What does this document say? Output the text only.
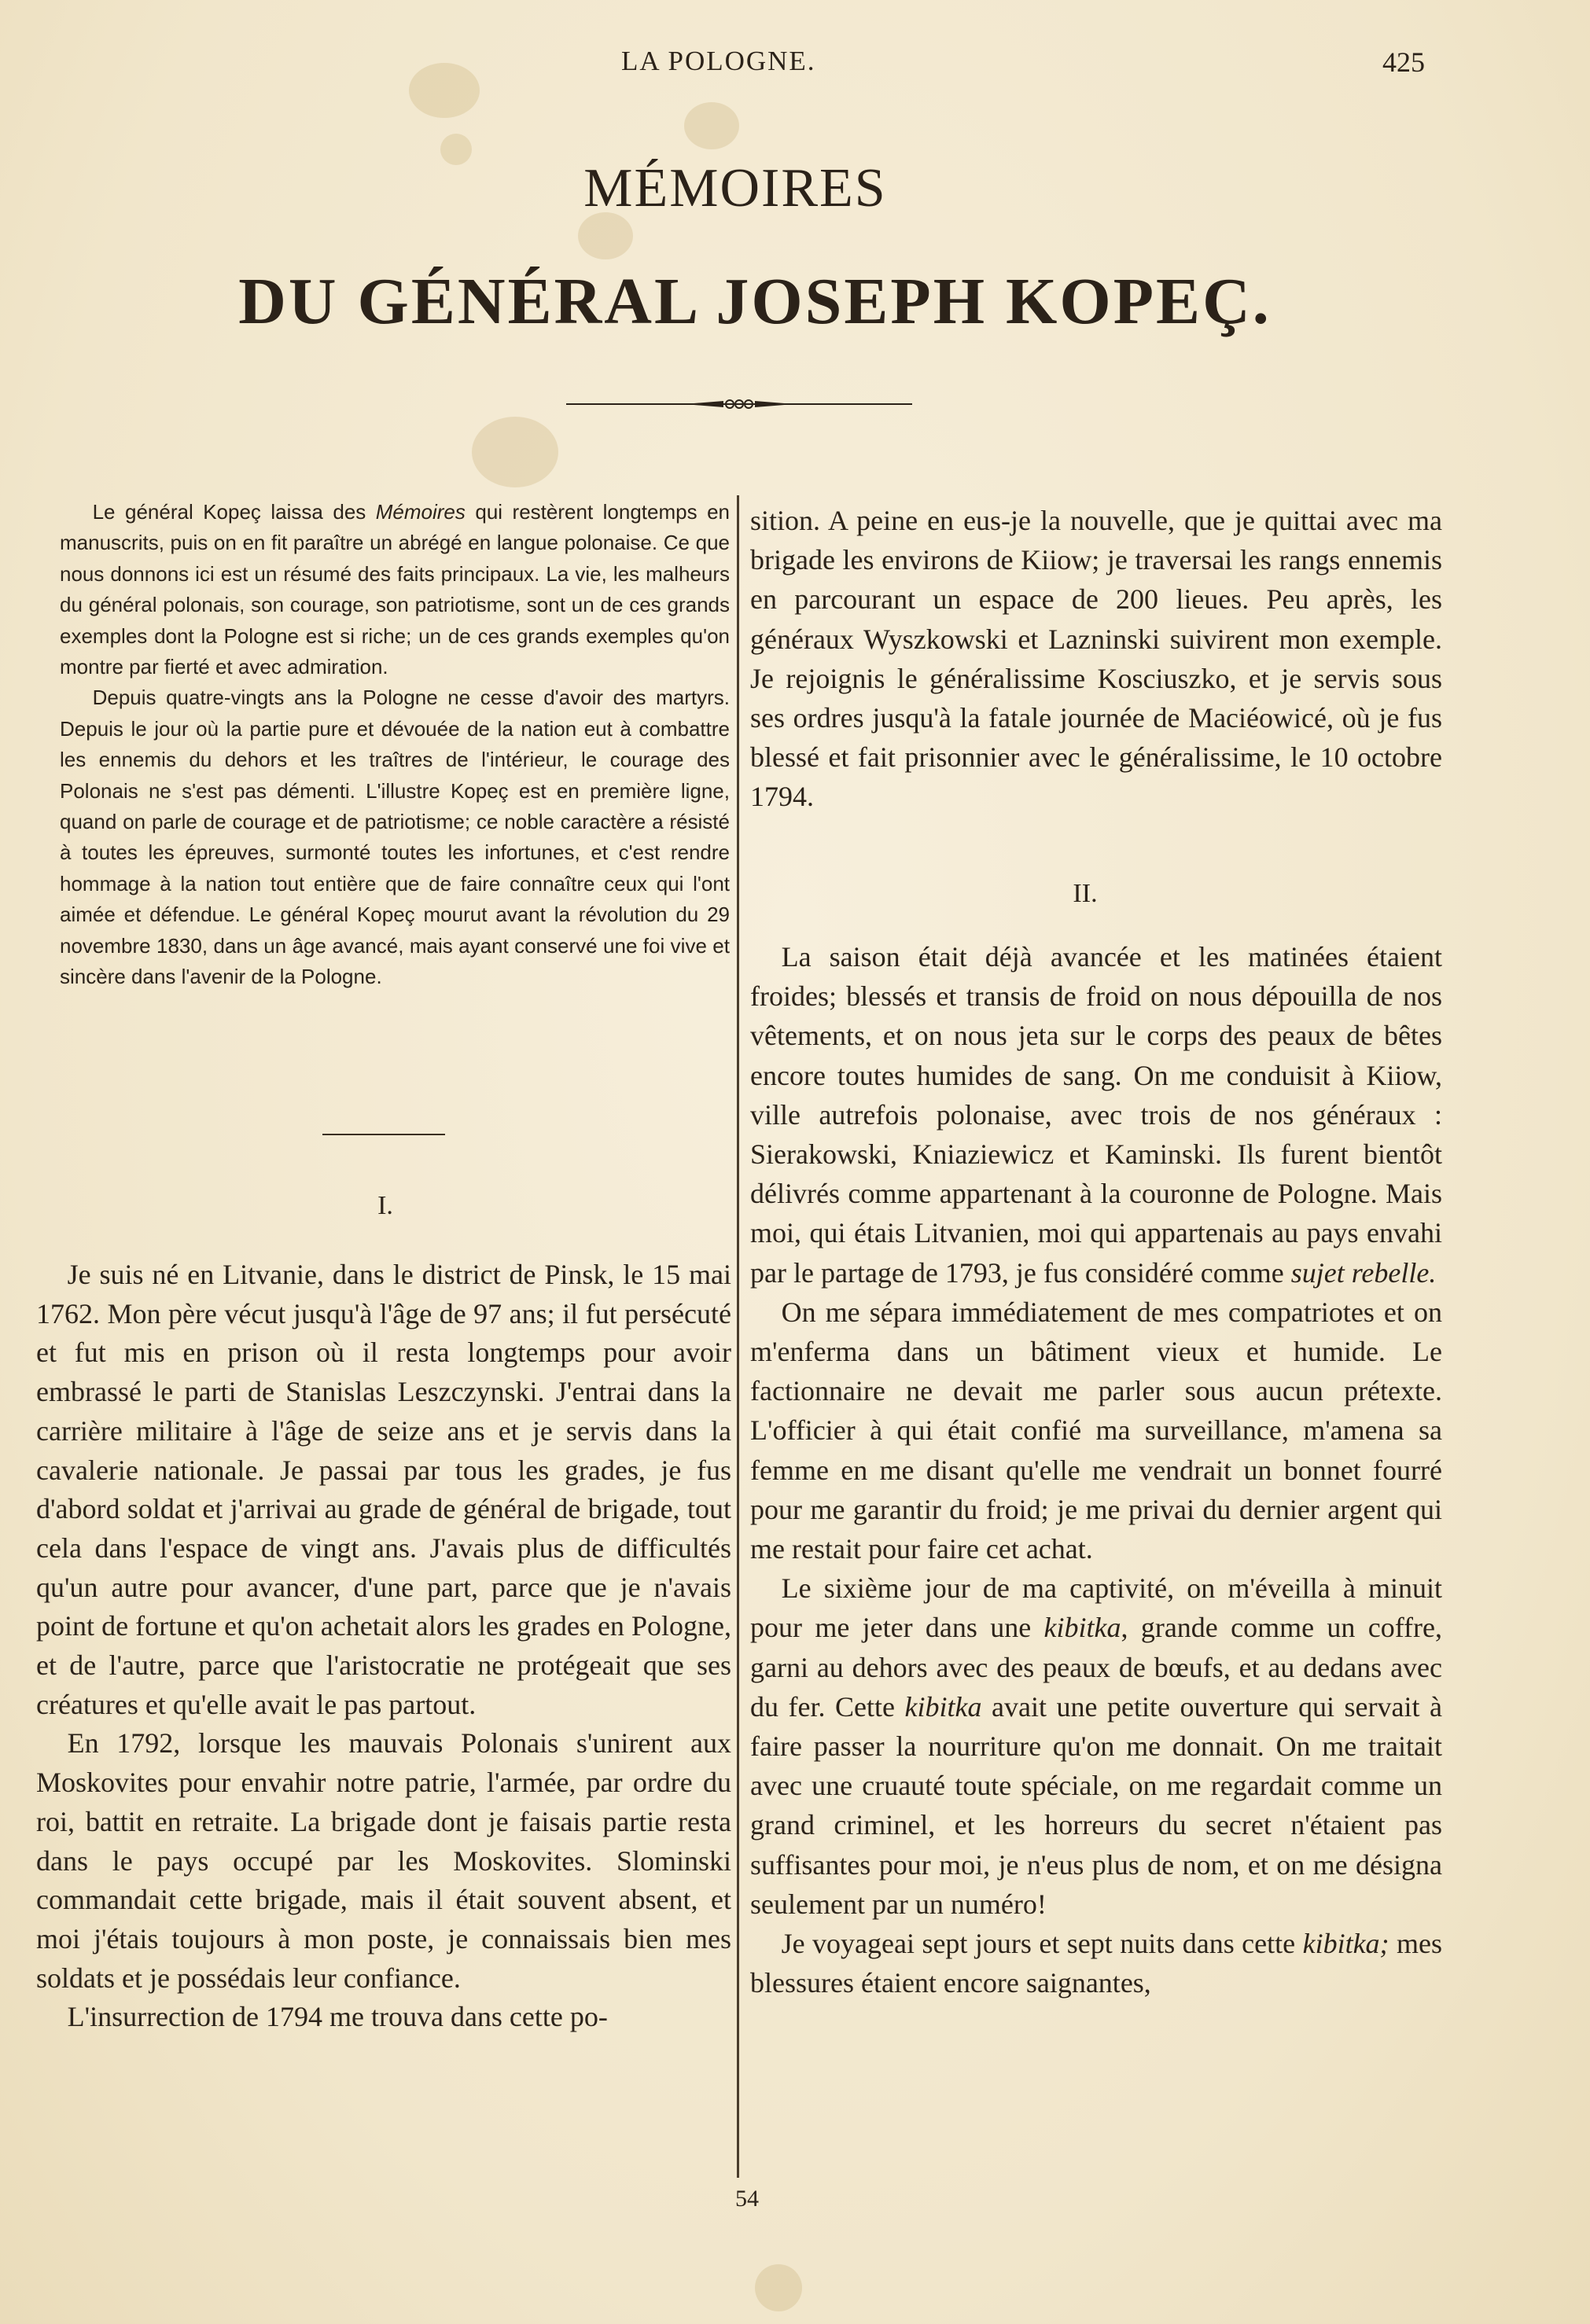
LA POLOGNE.	425
MÉMOIRES
DU GÉNÉRAL JOSEPH KOPEÇ.

Le général Kopeç laissa des Mémoires qui restèrent longtemps en manuscrits, puis on en fit paraître un abrégé en langue polonaise. Ce que nous donnons ici est un résumé des faits principaux. La vie, les malheurs du général polonais, son courage, son patriotisme, sont un de ces grands exemples dont la Pologne est si riche; un de ces grands exemples qu'on montre par fierté et avec admiration.

Depuis quatre-vingts ans la Pologne ne cesse d'avoir des martyrs. Depuis le jour où la partie pure et dévouée de la nation eut à combattre les ennemis du dehors et les traîtres de l'intérieur, le courage des Polonais ne s'est pas démenti. L'illustre Kopeç est en première ligne, quand on parle de courage et de patriotisme; ce noble caractère a résisté à toutes les épreuves, surmonté toutes les infortunes, et c'est rendre hommage à la nation tout entière que de faire connaître ceux qui l'ont aimée et défendue. Le général Kopeç mourut avant la révolution du 29 novembre 1830, dans un âge avancé, mais ayant conservé une foi vive et sincère dans l'avenir de la Pologne.

I.

Je suis né en Litvanie, dans le district de Pinsk, le 15 mai 1762. Mon père vécut jusqu'à l'âge de 97 ans; il fut persécuté et fut mis en prison où il resta longtemps pour avoir embrassé le parti de Stanislas Leszczynski. J'entrai dans la carrière militaire à l'âge de seize ans et je servis dans la cavalerie nationale. Je passai par tous les grades, je fus d'abord soldat et j'arrivai au grade de général de brigade, tout cela dans l'espace de vingt ans. J'avais plus de difficultés qu'un autre pour avancer, d'une part, parce que je n'avais point de fortune et qu'on achetait alors les grades en Pologne, et de l'autre, parce que l'aristocratie ne protégeait que ses créatures et qu'elle avait le pas partout.

En 1792, lorsque les mauvais Polonais s'unirent aux Moskovites pour envahir notre patrie, l'armée, par ordre du roi, battit en retraite. La brigade dont je faisais partie resta dans le pays occupé par les Moskovites. Slominski commandait cette brigade, mais il était souvent absent, et moi j'étais toujours à mon poste, je connaissais bien mes soldats et je possédais leur confiance.

L'insurrection de 1794 me trouva dans cette po-

sition. A peine en eus-je la nouvelle, que je quittai avec ma brigade les environs de Kiiow; je traversai les rangs ennemis en parcourant un espace de 200 lieues. Peu après, les généraux Wyszkowski et Lazninski suivirent mon exemple. Je rejoignis le généralissime Kosciuszko, et je servis sous ses ordres jusqu'à la fatale journée de Maciéowicé, où je fus blessé et fait prisonnier avec le généralissime, le 10 octobre 1794.

II.

La saison était déjà avancée et les matinées étaient froides; blessés et transis de froid on nous dépouilla de nos vêtements, et on nous jeta sur le corps des peaux de bêtes encore toutes humides de sang. On me conduisit à Kiiow, ville autrefois polonaise, avec trois de nos généraux : Sierakowski, Kniaziewicz et Kaminski. Ils furent bientôt délivrés comme appartenant à la couronne de Pologne. Mais moi, qui étais Litvanien, moi qui appartenais au pays envahi par le partage de 1793, je fus considéré comme sujet rebelle.

On me sépara immédiatement de mes compatriotes et on m'enferma dans un bâtiment vieux et humide. Le factionnaire ne devait me parler sous aucun prétexte. L'officier à qui était confié ma surveillance, m'amena sa femme en me disant qu'elle me vendrait un bonnet fourré pour me garantir du froid; je me privai du dernier argent qui me restait pour faire cet achat.

Le sixième jour de ma captivité, on m'éveilla à minuit pour me jeter dans une kibitka, grande comme un coffre, garni au dehors avec des peaux de bœufs, et au dedans avec du fer. Cette kibitka avait une petite ouverture qui servait à faire passer la nourriture qu'on me donnait. On me traitait avec une cruauté toute spéciale, on me regardait comme un grand criminel, et les horreurs du secret n'étaient pas suffisantes pour moi, je n'eus plus de nom, et on me désigna seulement par un numéro!

Je voyageai sept jours et sept nuits dans cette kibitka; mes blessures étaient encore saignantes,

54
